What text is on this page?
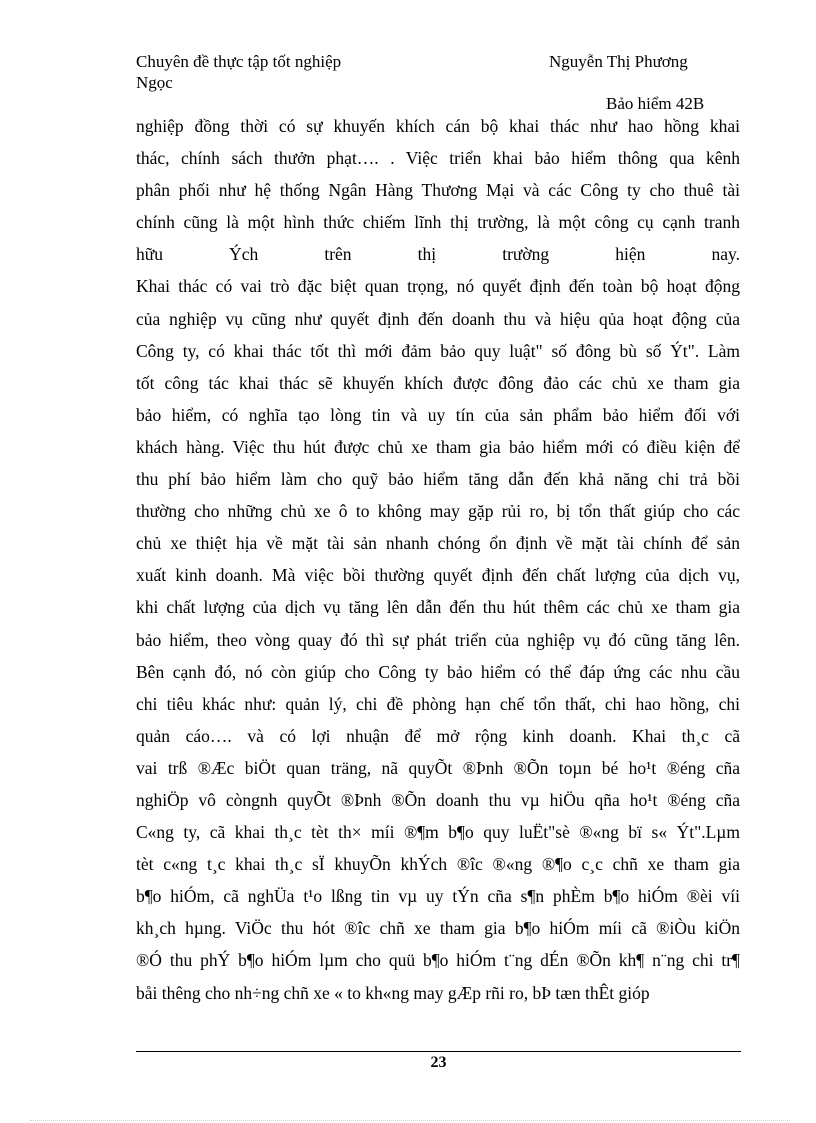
Chuyên đề thực tập tốt nghiệp	Nguyễn Thị Phương
Ngọc
Bảo hiểm 42B
nghiệp đồng thời có sự khuyến khích cán bộ khai thác như hao hồng khai
thác, chính sách thưởn phạt…. . Việc triển khai bảo hiểm thông qua kênh
phân phối như hệ thống Ngân Hàng Thương Mại và các Công ty cho thuê tài
chính cũng là một hình thức chiếm lĩnh thị trường, là một công cụ cạnh tranh
hữu Ých trên thị trường hiện nay.
Khai thác có vai trò đặc biệt quan trọng, nó quyết định đến toàn bộ hoạt động
của nghiệp vụ cũng như quyết định đến doanh thu và hiệu qủa hoạt động của
Công ty, có khai thác tốt thì mới đảm bảo quy luật" số đông bù số Ýt". Làm
tốt công tác khai thác sẽ khuyến khích được đông đảo các chủ xe tham gia
bảo hiểm, có nghĩa tạo lòng tin và uy tín của sản phẩm bảo hiểm đối với
khách hàng. Việc thu hút được chủ xe tham gia bảo hiểm mới có điều kiện để
thu phí bảo hiểm làm cho quỹ bảo hiểm tăng dẫn đến khả năng chi trả bồi
thường cho những chủ xe ô to không may gặp rủi ro, bị tổn thất giúp cho các
chủ xe thiệt hịa về mặt tài sản nhanh chóng ổn định về mặt tài chính để sản
xuất kinh doanh. Mà việc bồi thường quyết định đến chất lượng của dịch vụ,
khi chất lượng của dịch vụ tăng lên dẫn đến thu hút thêm các chủ xe tham gia
bảo hiểm, theo vòng quay đó thì sự phát triển của nghiệp vụ đó cũng tăng lên.
Bên cạnh đó, nó còn giúp cho Công ty bảo hiểm có thể đáp ứng các nhu cầu
chi tiêu khác như: quản lý, chi đề phòng hạn chế tổn thất, chi hao hồng, chi
quản cáo…. và có lợi nhuận để mở rộng kinh doanh. Khai th¸c cã
vai trß ®Æc biÖt quan träng, nã quyÕt ®Þnh ®Õn toµn bé ho¹t ®éng cña
nghiÖp vô còngnh quyÕt ®Þnh ®Õn doanh thu vµ hiÖu qña ho¹t ®éng cña
C«ng ty, cã khai th¸c tèt th× míi ®¶m b¶o quy luËt"sè ®«ng bï s« Ýt".Lµm
tèt c«ng t¸c khai th¸c sÏ khuyÕn khÝch ®îc ®«ng ®¶o c¸c chñ xe tham gia
b¶o hiÓm, cã nghÜa t¹o lßng tin vµ uy tÝn cña s¶n phÈm b¶o hiÓm ®èi víi
kh¸ch hµng. ViÖc thu hót ®îc chñ xe tham gia b¶o hiÓm míi cã ®iÒu kiÖn
®Ó thu phÝ b¶o hiÓm lµm cho quü b¶o hiÓm t¨ng dÉn ®Õn kh¶ n¨ng chi tr¶
båi thêng cho nh÷ng chñ xe « to kh«ng may gÆp rñi ro, bÞ tæn thÊt gióp
23
